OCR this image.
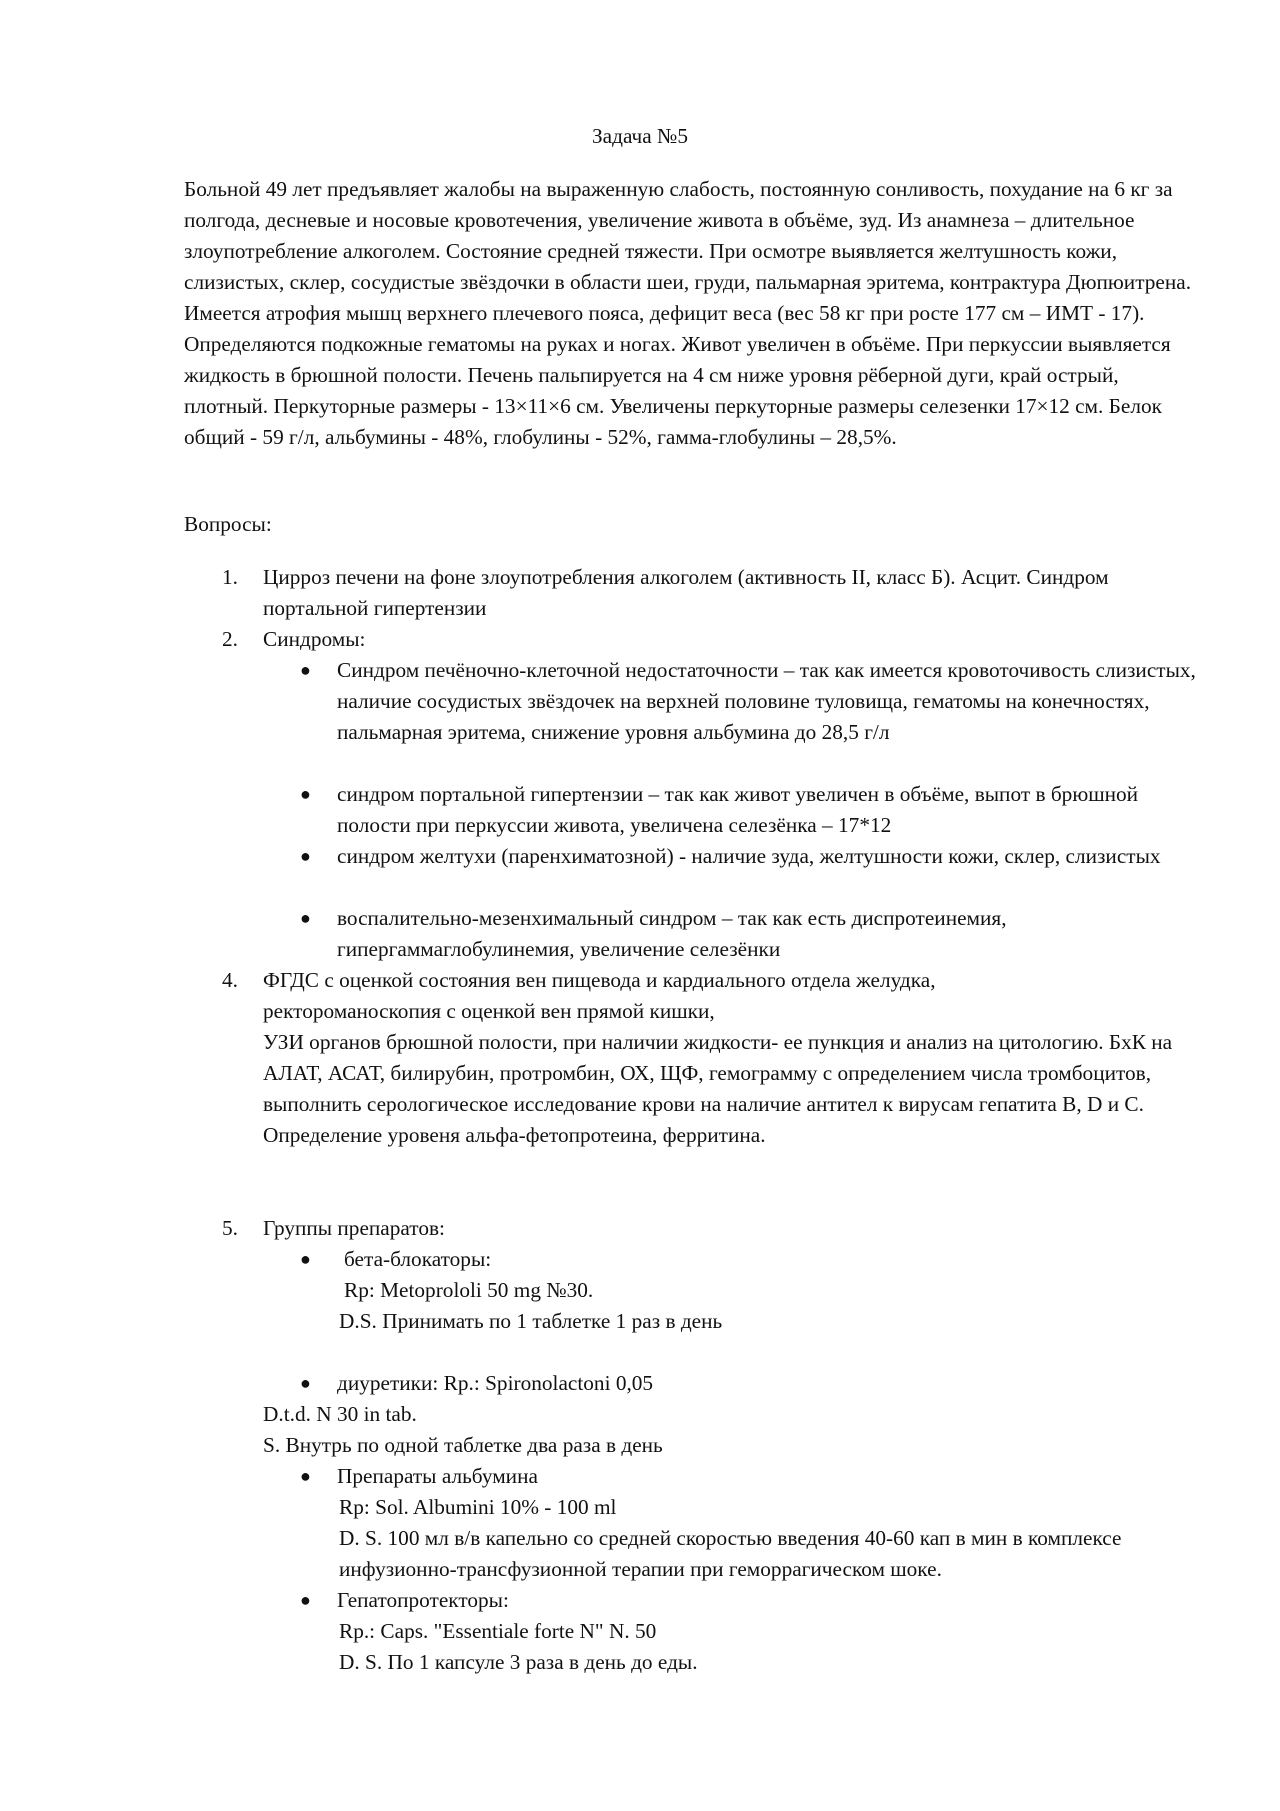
Задача №5
Больной 49 лет предъявляет жалобы на выраженную слабость, постоянную сонливость, похудание на 6 кг за полгода, десневые и носовые кровотечения, увеличение живота в объёме, зуд. Из анамнеза – длительное злоупотребление алкоголем. Состояние средней тяжести. При осмотре выявляется желтушность кожи, слизистых, склер, сосудистые звёздочки в области шеи, груди, пальмарная эритема, контрактура Дюпюитрена. Имеется атрофия мышц верхнего плечевого пояса, дефицит веса (вес 58 кг при росте 177 см – ИМТ - 17). Определяются подкожные гематомы на руках и ногах. Живот увеличен в объёме. При перкуссии выявляется жидкость в брюшной полости. Печень пальпируется на 4 см ниже уровня рёберной дуги, край острый, плотный. Перкуторные размеры - 13×11×6 см. Увеличены перкуторные размеры селезенки 17×12 см. Белок общий - 59 г/л, альбумины - 48%, глобулины - 52%, гамма-глобулины – 28,5%.
Вопросы:
1. Цирроз печени на фоне злоупотребления алкоголем (активность II, класс Б). Асцит. Синдром портальной гипертензии
2. Синдромы:
● Синдром печёночно-клеточной недостаточности – так как имеется кровоточивость слизистых, наличие сосудистых звёздочек на верхней половине туловища, гематомы на конечностях, пальмарная эритема, снижение уровня альбумина до 28,5 г/л
● синдром портальной гипертензии – так как живот увеличен в объёме, выпот в брюшной полости при перкуссии живота, увеличена селезёнка – 17*12
● синдром желтухи (паренхиматозной) - наличие зуда, желтушности кожи, склер, слизистых
● воспалительно-мезенхимальный синдром – так как есть диспротеинемия, гипергаммаглобулинемия, увеличение селезёнки
4. ФГДС с оценкой состояния вен пищевода и кардиального отдела желудка,
ректороманоскопия с оценкой вен прямой кишки,
УЗИ органов брюшной полости, при наличии жидкости- ее пункция и анализ на цитологию. БхК на АЛАТ, АСАТ, билирубин, протромбин, ОХ, ЩФ, гемограмму с определением числа тромбоцитов, выполнить серологическое исследование крови на наличие антител к вирусам гепатита В, D и С. Определение уровеня альфа-фетопротеина, ферритина.
5. Группы препаратов:
● бета-блокаторы:
Rp: Metoprololi 50 mg №30.
D.S. Принимать по 1 таблетке 1 раз в день
● диуретики: Rp.: Spironolactoni 0,05
D.t.d. N 30 in tab.
S. Внутрь по одной таблетке два раза в день
● Препараты альбумина
Rp: Sol. Albumini 10% - 100 ml
D. S. 100 мл в/в капельно со средней скоростью введения 40-60 кап в мин в комплексе инфузионно-трансфузионной терапии при геморрагическом шоке.
● Гепатопротекторы:
Rp.: Caps. "Essentiale forte N" N. 50
D. S. По 1 капсуле 3 раза в день до еды.
